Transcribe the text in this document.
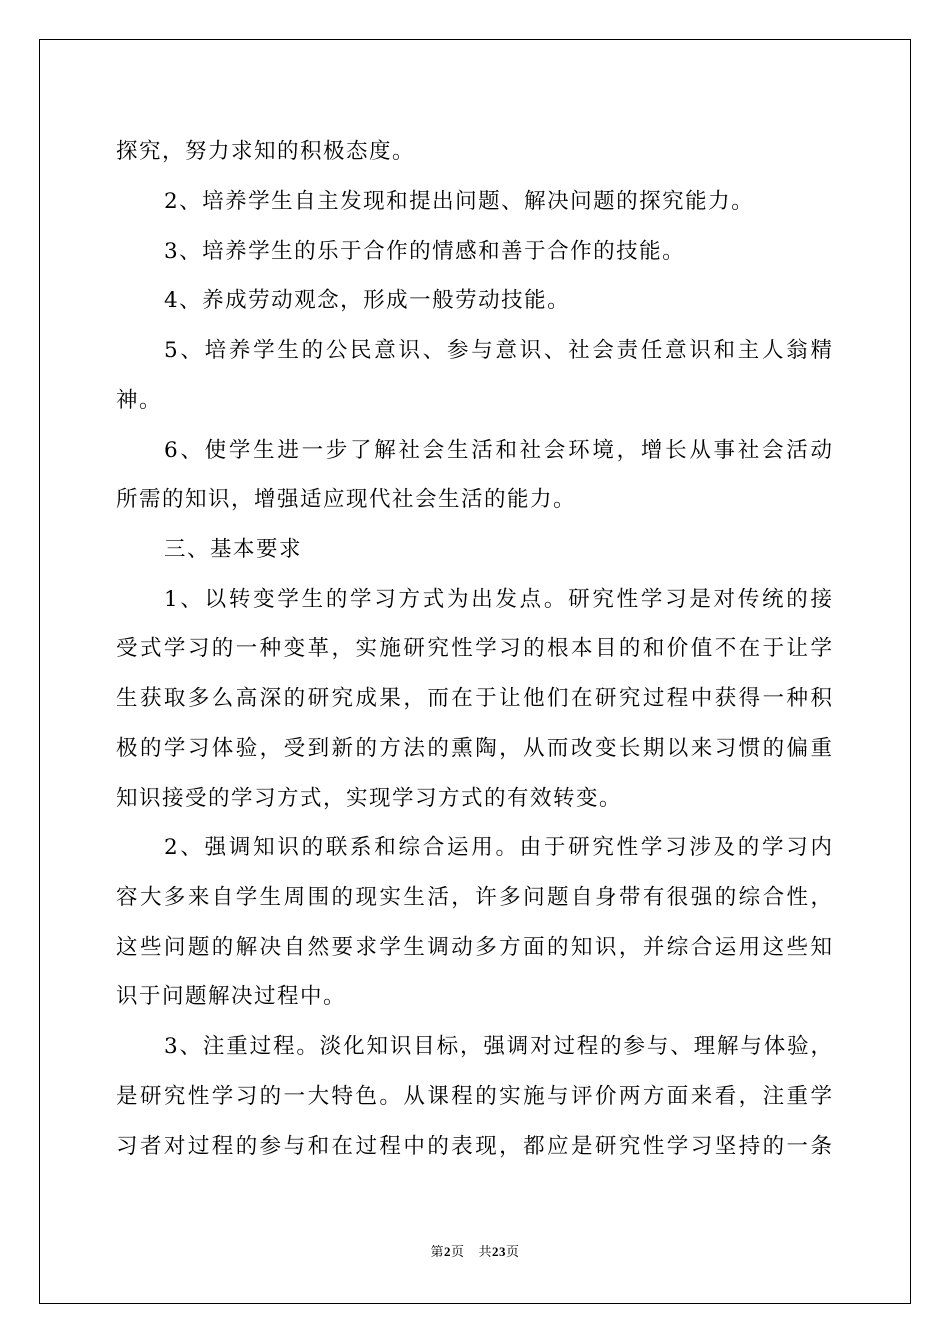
探究，努力求知的积极态度。
2、培养学生自主发现和提出问题、解决问题的探究能力。
3、培养学生的乐于合作的情感和善于合作的技能。
4、养成劳动观念，形成一般劳动技能。
5、培养学生的公民意识、参与意识、社会责任意识和主人翁精
神。
6、使学生进一步了解社会生活和社会环境，增长从事社会活动
所需的知识，增强适应现代社会生活的能力。
三、基本要求
1、以转变学生的学习方式为出发点。研究性学习是对传统的接
受式学习的一种变革，实施研究性学习的根本目的和价值不在于让学
生获取多么高深的研究成果，而在于让他们在研究过程中获得一种积
极的学习体验，受到新的方法的熏陶，从而改变长期以来习惯的偏重
知识接受的学习方式，实现学习方式的有效转变。
2、强调知识的联系和综合运用。由于研究性学习涉及的学习内
容大多来自学生周围的现实生活，许多问题自身带有很强的综合性，
这些问题的解决自然要求学生调动多方面的知识，并综合运用这些知
识于问题解决过程中。
3、注重过程。淡化知识目标，强调对过程的参与、理解与体验，
是研究性学习的一大特色。从课程的实施与评价两方面来看，注重学
习者对过程的参与和在过程中的表现，都应是研究性学习坚持的一条
第2页 共23页
